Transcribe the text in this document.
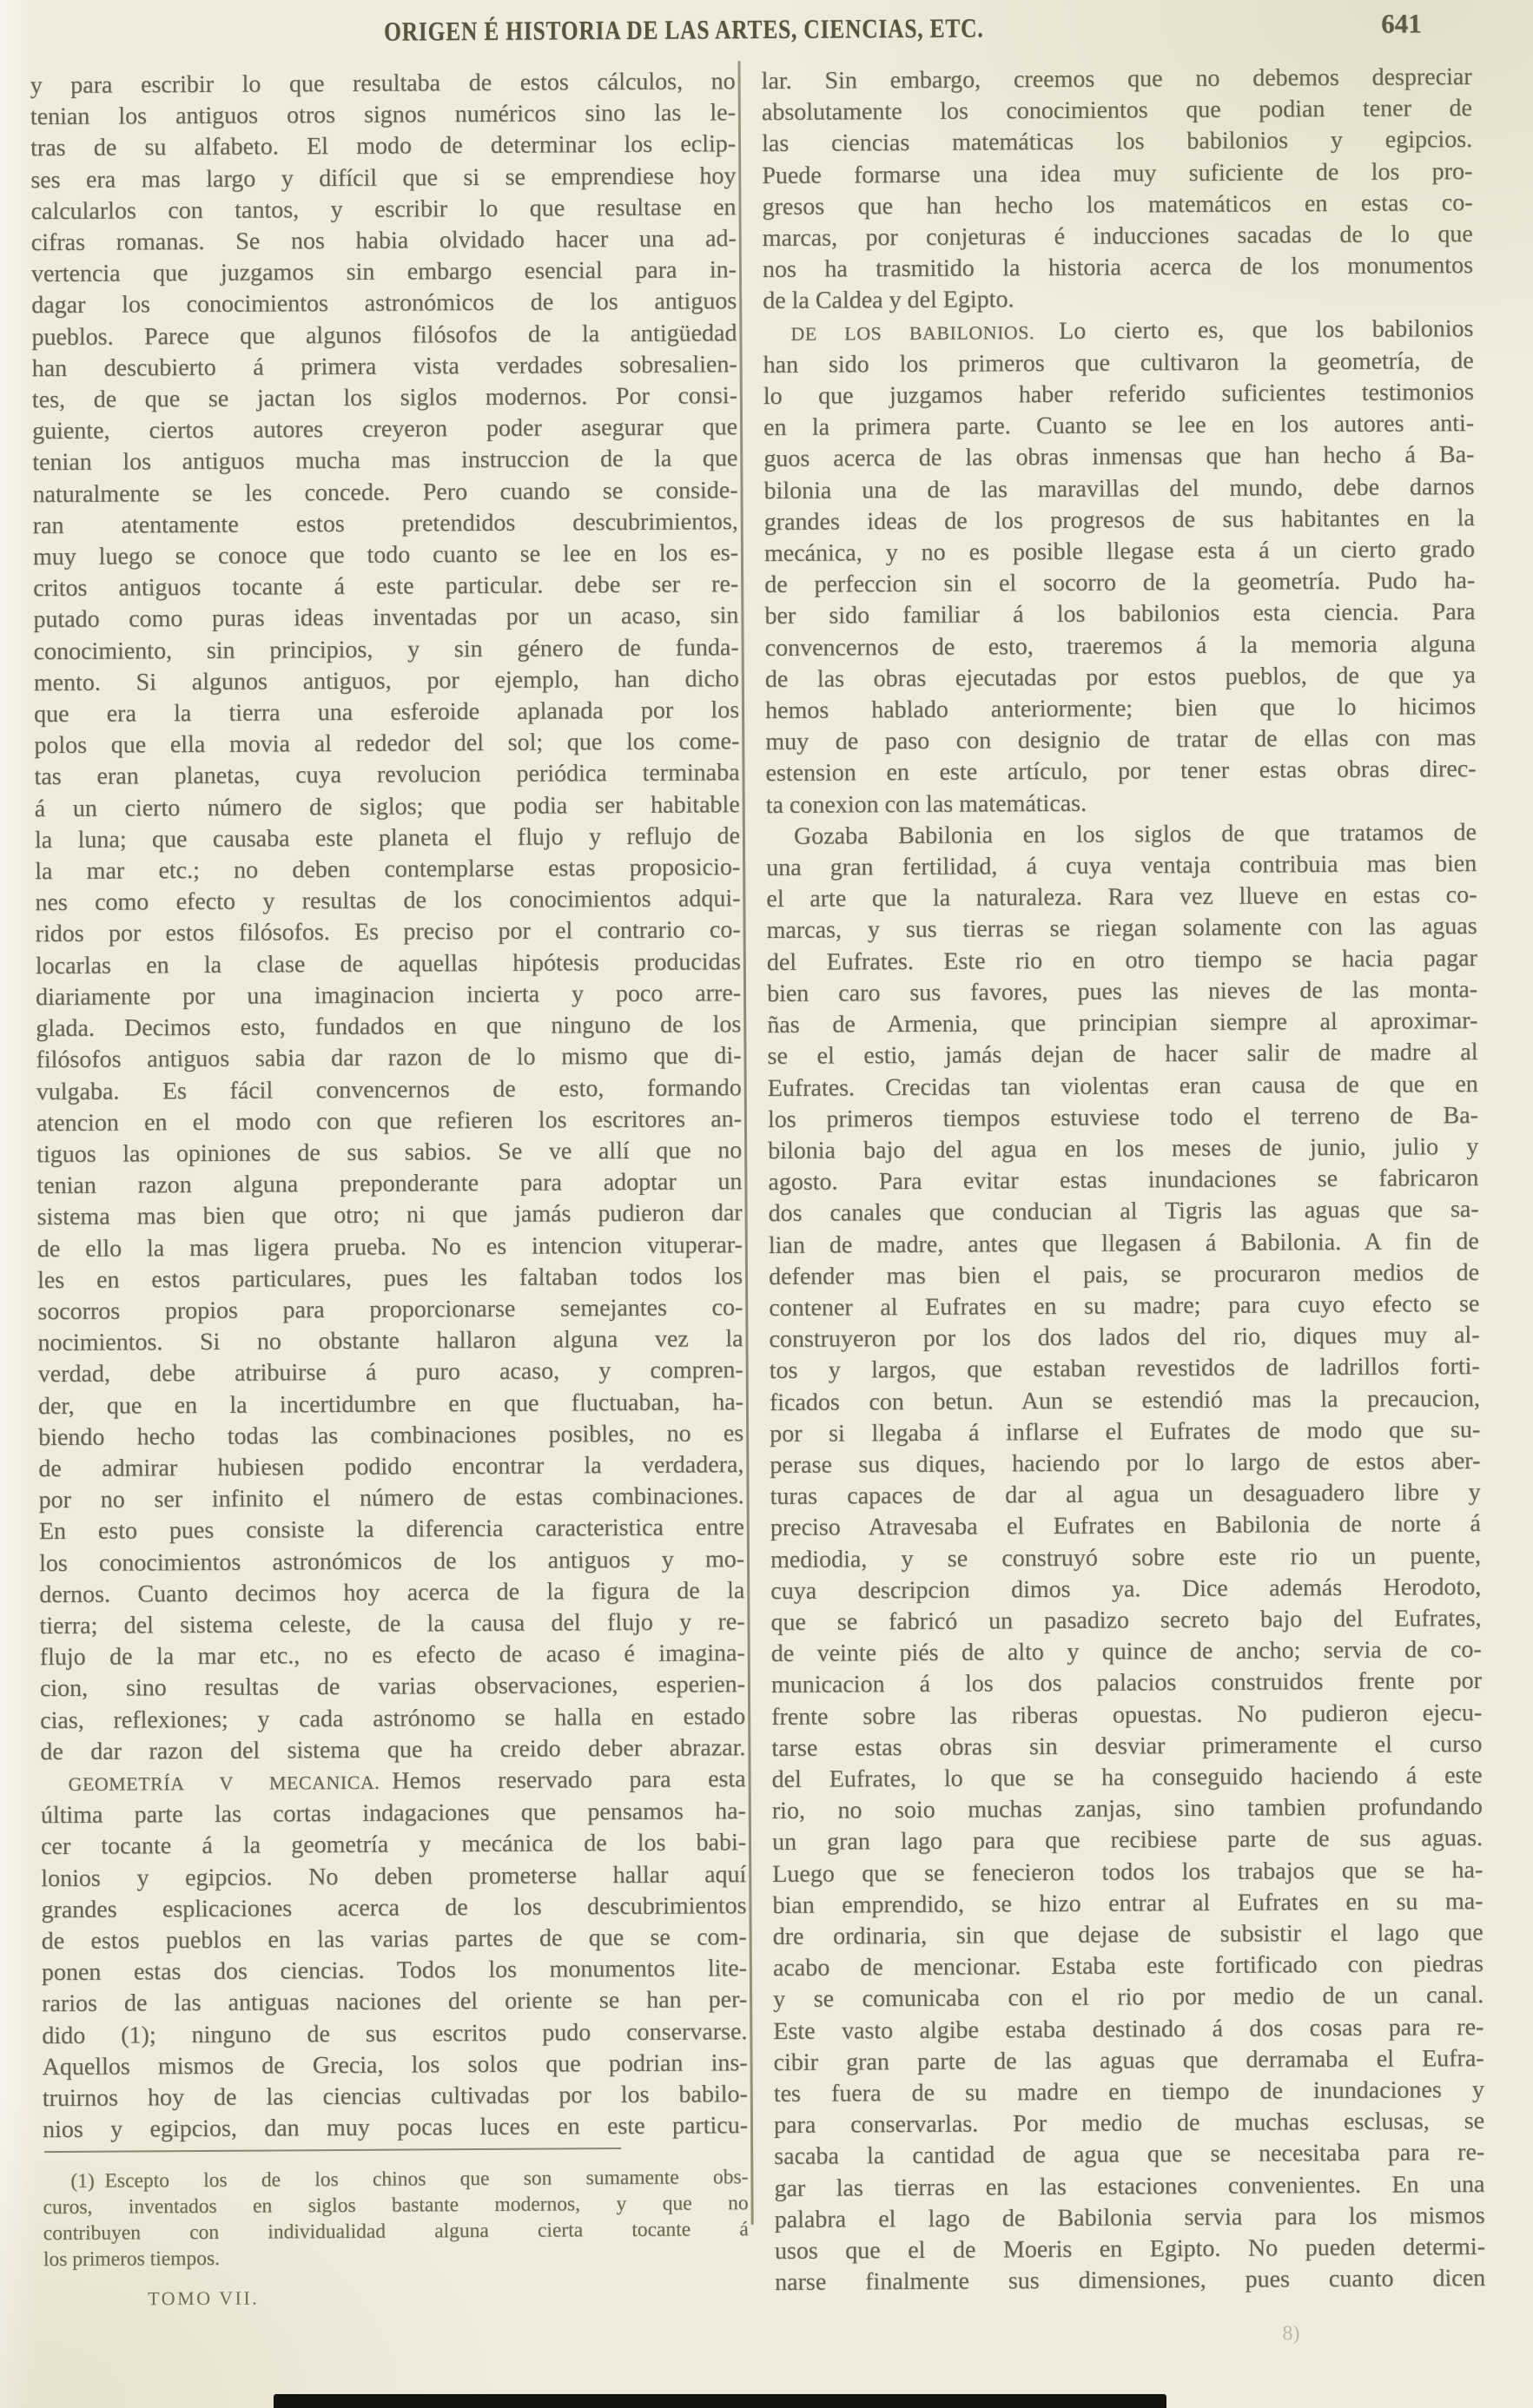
ORIGEN É HISTORIA DE LAS ARTES, CIENCIAS, ETC.	641
y para escribir lo que resultaba de estos cálculos, no
tenian los antiguos otros signos numéricos sino las le-
tras de su alfabeto. El modo de determinar los eclip-
ses era mas largo y difícil que si se emprendiese hoy
calcularlos con tantos, y escribir lo que resultase en
cifras romanas. Se nos habia olvidado hacer una ad-
vertencia que juzgamos sin embargo esencial para in-
dagar los conocimientos astronómicos de los antiguos
pueblos. Parece que algunos filósofos de la antigüedad
han descubierto á primera vista verdades sobresalien-
tes, de que se jactan los siglos modernos. Por consi-
guiente, ciertos autores creyeron poder asegurar que
tenian los antiguos mucha mas instruccion de la que
naturalmente se les concede. Pero cuando se conside-
ran atentamente estos pretendidos descubrimientos,
muy luego se conoce que todo cuanto se lee en los es-
critos antiguos tocante á este particular. debe ser re-
putado como puras ideas inventadas por un acaso, sin
conocimiento, sin principios, y sin género de funda-
mento. Si algunos antiguos, por ejemplo, han dicho
que era la tierra una esferoide aplanada por los
polos que ella movia al rededor del sol; que los come-
tas eran planetas, cuya revolucion periódica terminaba
á un cierto número de siglos; que podia ser habitable
la luna; que causaba este planeta el flujo y reflujo de
la mar etc.; no deben contemplarse estas proposicio-
nes como efecto y resultas de los conocimientos adqui-
ridos por estos filósofos. Es preciso por el contrario co-
locarlas en la clase de aquellas hipótesis producidas
diariamente por una imaginacion incierta y poco arre-
glada. Decimos esto, fundados en que ninguno de los
filósofos antiguos sabia dar razon de lo mismo que di-
vulgaba. Es fácil convencernos de esto, formando
atencion en el modo con que refieren los escritores an-
tiguos las opiniones de sus sabios. Se ve allí que no
tenian razon alguna preponderante para adoptar un
sistema mas bien que otro; ni que jamás pudieron dar
de ello la mas ligera prueba. No es intencion vituperar-
les en estos particulares, pues les faltaban todos los
socorros propios para proporcionarse semejantes co-
nocimientos. Si no obstante hallaron alguna vez la
verdad, debe atribuirse á puro acaso, y compren-
der, que en la incertidumbre en que fluctuaban, ha-
biendo hecho todas las combinaciones posibles, no es
de admirar hubiesen podido encontrar la verdadera,
por no ser infinito el número de estas combinaciones.
En esto pues consiste la diferencia caracteristica entre
los conocimientos astronómicos de los antiguos y mo-
dernos. Cuanto decimos hoy acerca de la figura de la
tierra; del sistema celeste, de la causa del flujo y re-
flujo de la mar etc., no es efecto de acaso é imagina-
cion, sino resultas de varias observaciones, esperien-
cias, reflexiones; y cada astrónomo se halla en estado
de dar razon del sistema que ha creido deber abrazar.
GEOMETRÍA V MECANICA. Hemos reservado para esta
última parte las cortas indagaciones que pensamos ha-
cer tocante á la geometría y mecánica de los babi-
lonios y egipcios. No deben prometerse hallar aquí
grandes esplicaciones acerca de los descubrimientos
de estos pueblos en las varias partes de que se com-
ponen estas dos ciencias. Todos los monumentos lite-
rarios de las antiguas naciones del oriente se han per-
dido (1); ninguno de sus escritos pudo conservarse.
Aquellos mismos de Grecia, los solos que podrian ins-
truirnos hoy de las ciencias cultivadas por los babilo-
nios y egipcios, dan muy pocas luces en este particu-
lar. Sin embargo, creemos que no debemos despreciar
absolutamente los conocimientos que podian tener de
las ciencias matemáticas los babilonios y egipcios.
Puede formarse una idea muy suficiente de los pro-
gresos que han hecho los matemáticos en estas co-
marcas, por conjeturas é inducciones sacadas de lo que
nos ha trasmitido la historia acerca de los monumentos
de la Caldea y del Egipto.
DE LOS BABILONIOS. Lo cierto es, que los babilonios
han sido los primeros que cultivaron la geometría, de
lo que juzgamos haber referido suficientes testimonios
en la primera parte. Cuanto se lee en los autores anti-
guos acerca de las obras inmensas que han hecho á Ba-
bilonia una de las maravillas del mundo, debe darnos
grandes ideas de los progresos de sus habitantes en la
mecánica, y no es posible llegase esta á un cierto grado
de perfeccion sin el socorro de la geometría. Pudo ha-
ber sido familiar á los babilonios esta ciencia. Para
convencernos de esto, traeremos á la memoria alguna
de las obras ejecutadas por estos pueblos, de que ya
hemos hablado anteriormente; bien que lo hicimos
muy de paso con designio de tratar de ellas con mas
estension en este artículo, por tener estas obras direc-
ta conexion con las matemáticas.
Gozaba Babilonia en los siglos de que tratamos de
una gran fertilidad, á cuya ventaja contribuia mas bien
el arte que la naturaleza. Rara vez llueve en estas co-
marcas, y sus tierras se riegan solamente con las aguas
del Eufrates. Este rio en otro tiempo se hacia pagar
bien caro sus favores, pues las nieves de las monta-
ñas de Armenia, que principian siempre al aproximar-
se el estio, jamás dejan de hacer salir de madre al
Eufrates. Crecidas tan violentas eran causa de que en
los primeros tiempos estuviese todo el terreno de Ba-
bilonia bajo del agua en los meses de junio, julio y
agosto. Para evitar estas inundaciones se fabricaron
dos canales que conducian al Tigris las aguas que sa-
lian de madre, antes que llegasen á Babilonia. A fin de
defender mas bien el pais, se procuraron medios de
contener al Eufrates en su madre; para cuyo efecto se
construyeron por los dos lados del rio, diques muy al-
tos y largos, que estaban revestidos de ladrillos forti-
ficados con betun. Aun se estendió mas la precaucion,
por si llegaba á inflarse el Eufrates de modo que su-
perase sus diques, haciendo por lo largo de estos aber-
turas capaces de dar al agua un desaguadero libre y
preciso Atravesaba el Eufrates en Babilonia de norte á
mediodia, y se construyó sobre este rio un puente,
cuya descripcion dimos ya. Dice además Herodoto,
que se fabricó un pasadizo secreto bajo del Eufrates,
de veinte piés de alto y quince de ancho; servia de co-
municacion á los dos palacios construidos frente por
frente sobre las riberas opuestas. No pudieron ejecu-
tarse estas obras sin desviar primeramente el curso
del Eufrates, lo que se ha conseguido haciendo á este
rio, no soio muchas zanjas, sino tambien profundando
un gran lago para que recibiese parte de sus aguas.
Luego que se fenecieron todos los trabajos que se ha-
bian emprendido, se hizo entrar al Eufrates en su ma-
dre ordinaria, sin que dejase de subsistir el lago que
acabo de mencionar. Estaba este fortificado con piedras
y se comunicaba con el rio por medio de un canal.
Este vasto algibe estaba destinado á dos cosas para re-
cibir gran parte de las aguas que derramaba el Eufra-
tes fuera de su madre en tiempo de inundaciones y
para conservarlas. Por medio de muchas esclusas, se
sacaba la cantidad de agua que se necesitaba para re-
gar las tierras en las estaciones convenientes. En una
palabra el lago de Babilonia servia para los mismos
usos que el de Moeris en Egipto. No pueden determi-
narse finalmente sus dimensiones, pues cuanto dicen
(1) Escepto los de los chinos que son sumamente obs-
curos, inventados en siglos bastante modernos, y que no
contribuyen con individualidad alguna cierta tocante á
los primeros tiempos.
TOMO VII.
8)
